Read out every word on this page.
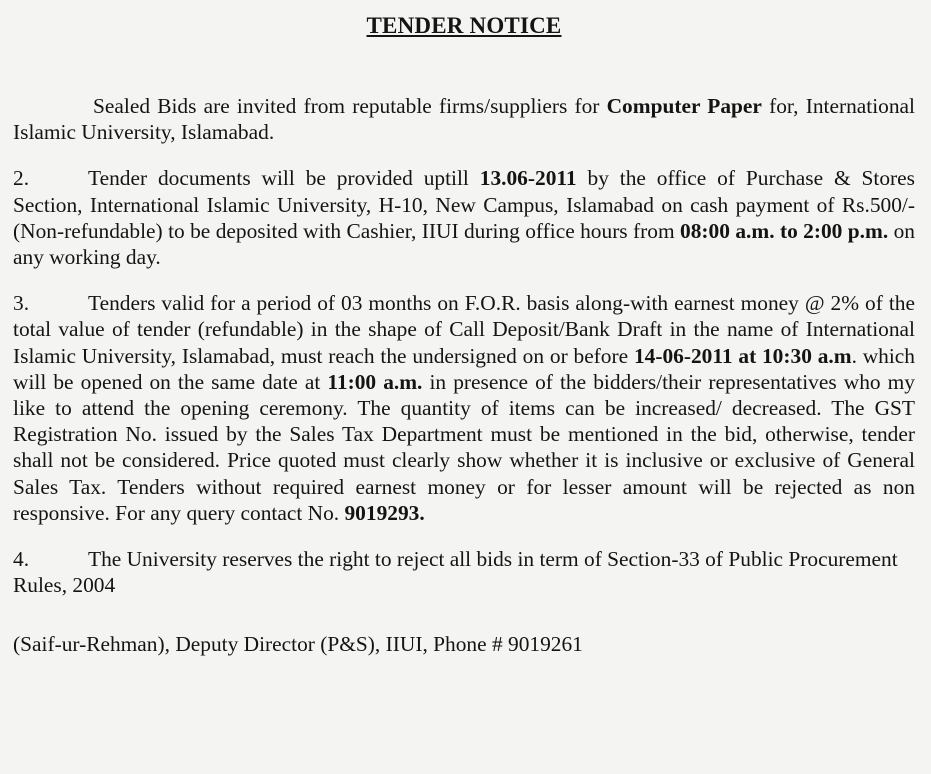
TENDER NOTICE

Sealed Bids are invited from reputable firms/suppliers for Computer Paper for, International Islamic University, Islamabad.

2.	Tender documents will be provided uptill 13.06-2011 by the office of Purchase & Stores Section, International Islamic University, H-10, New Campus, Islamabad on cash payment of Rs.500/- (Non-refundable) to be deposited with Cashier, IIUI during office hours from 08:00 a.m. to 2:00 p.m. on any working day.

3.	Tenders valid for a period of 03 months on F.O.R. basis along-with earnest money @ 2% of the total value of tender (refundable) in the shape of Call Deposit/Bank Draft in the name of International Islamic University, Islamabad, must reach the undersigned on or before 14-06-2011 at 10:30 a.m. which will be opened on the same date at 11:00 a.m. in presence of the bidders/their representatives who my like to attend the opening ceremony. The quantity of items can be increased/ decreased. The GST Registration No. issued by the Sales Tax Department must be mentioned in the bid, otherwise, tender shall not be considered. Price quoted must clearly show whether it is inclusive or exclusive of General Sales Tax. Tenders without required earnest money or for lesser amount will be rejected as non responsive. For any query contact No. 9019293.

4.	The University reserves the right to reject all bids in term of Section-33 of Public Procurement Rules, 2004

(Saif-ur-Rehman), Deputy Director (P&S), IIUI, Phone # 9019261
